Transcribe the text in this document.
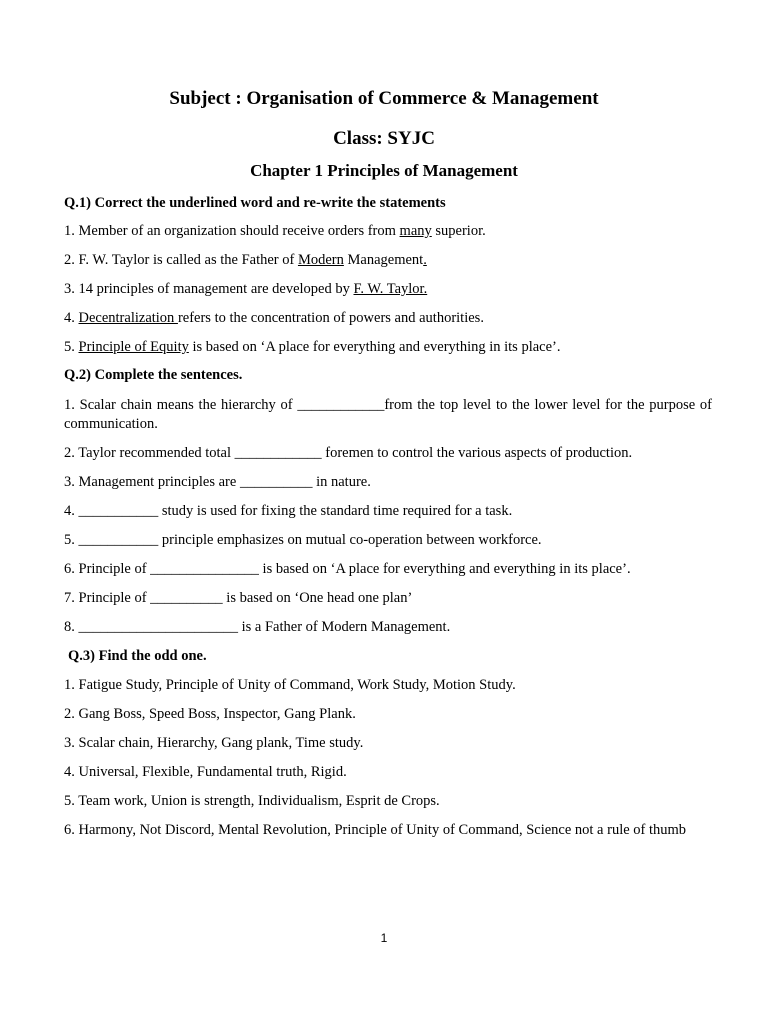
Subject : Organisation of Commerce & Management
Class: SYJC
Chapter 1 Principles of Management

Q.1) Correct the underlined word and re-write the statements

1. Member of an organization should receive orders from many superior.

2. F. W. Taylor is called as the Father of Modern Management.

3. 14 principles of management are developed by F. W. Taylor.

4. Decentralization refers to the concentration of powers and authorities.

5. Principle of Equity is based on ‘A place for everything and everything in its place’.

Q.2) Complete the sentences.

1. Scalar chain means the hierarchy of ____________from the top level to the lower level for the purpose of communication.

2. Taylor recommended total ____________ foremen to control the various aspects of production.

3. Management principles are __________ in nature.

4. ___________ study is used for fixing the standard time required for a task.

5. ___________ principle emphasizes on mutual co-operation between workforce.

6. Principle of _______________ is based on ‘A place for everything and everything in its place’.

7. Principle of __________ is based on ‘One head one plan’

8. ______________________ is a Father of Modern Management.

Q.3) Find the odd one.

1. Fatigue Study, Principle of Unity of Command, Work Study, Motion Study.

2. Gang Boss, Speed Boss, Inspector, Gang Plank.

3. Scalar chain, Hierarchy, Gang plank, Time study.

4. Universal, Flexible, Fundamental truth, Rigid.

5. Team work, Union is strength, Individualism, Esprit de Crops.

6. Harmony, Not Discord, Mental Revolution, Principle of Unity of Command, Science not a rule of thumb

1
